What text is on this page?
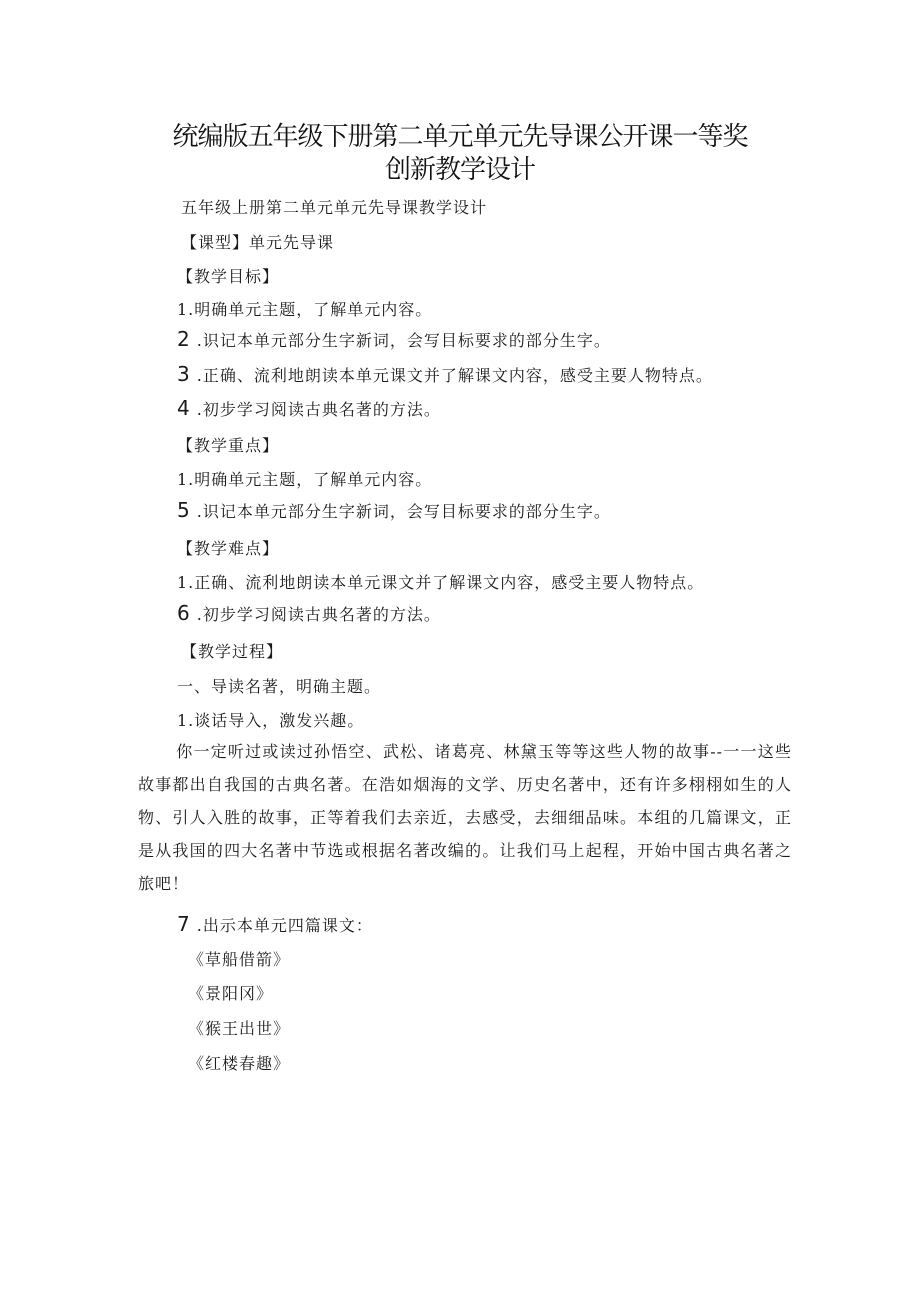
统编版五年级下册第二单元单元先导课公开课一等奖
创新教学设计
五年级上册第二单元单元先导课教学设计
【课型】单元先导课
【教学目标】
1.明确单元主题，了解单元内容。
2 .识记本单元部分生字新词，会写目标要求的部分生字。
3 .正确、流利地朗读本单元课文并了解课文内容，感受主要人物特点。
4 .初步学习阅读古典名著的方法。
【教学重点】
1.明确单元主题，了解单元内容。
5 .识记本单元部分生字新词，会写目标要求的部分生字。
【教学难点】
1.正确、流利地朗读本单元课文并了解课文内容，感受主要人物特点。
6 .初步学习阅读古典名著的方法。
【教学过程】
一、导读名著，明确主题。
1.谈话导入，激发兴趣。
你一定听过或读过孙悟空、武松、诸葛亮、林黛玉等等这些人物的故事--一一这些故事都出自我国的古典名著。在浩如烟海的文学、历史名著中，还有许多栩栩如生的人物、引人入胜的故事，正等着我们去亲近，去感受，去细细品味。本组的几篇课文，正是从我国的四大名著中节选或根据名著改编的。让我们马上起程，开始中国古典名著之旅吧！
7 .出示本单元四篇课文：
《草船借箭》
《景阳冈》
《猴王出世》
《红楼春趣》
